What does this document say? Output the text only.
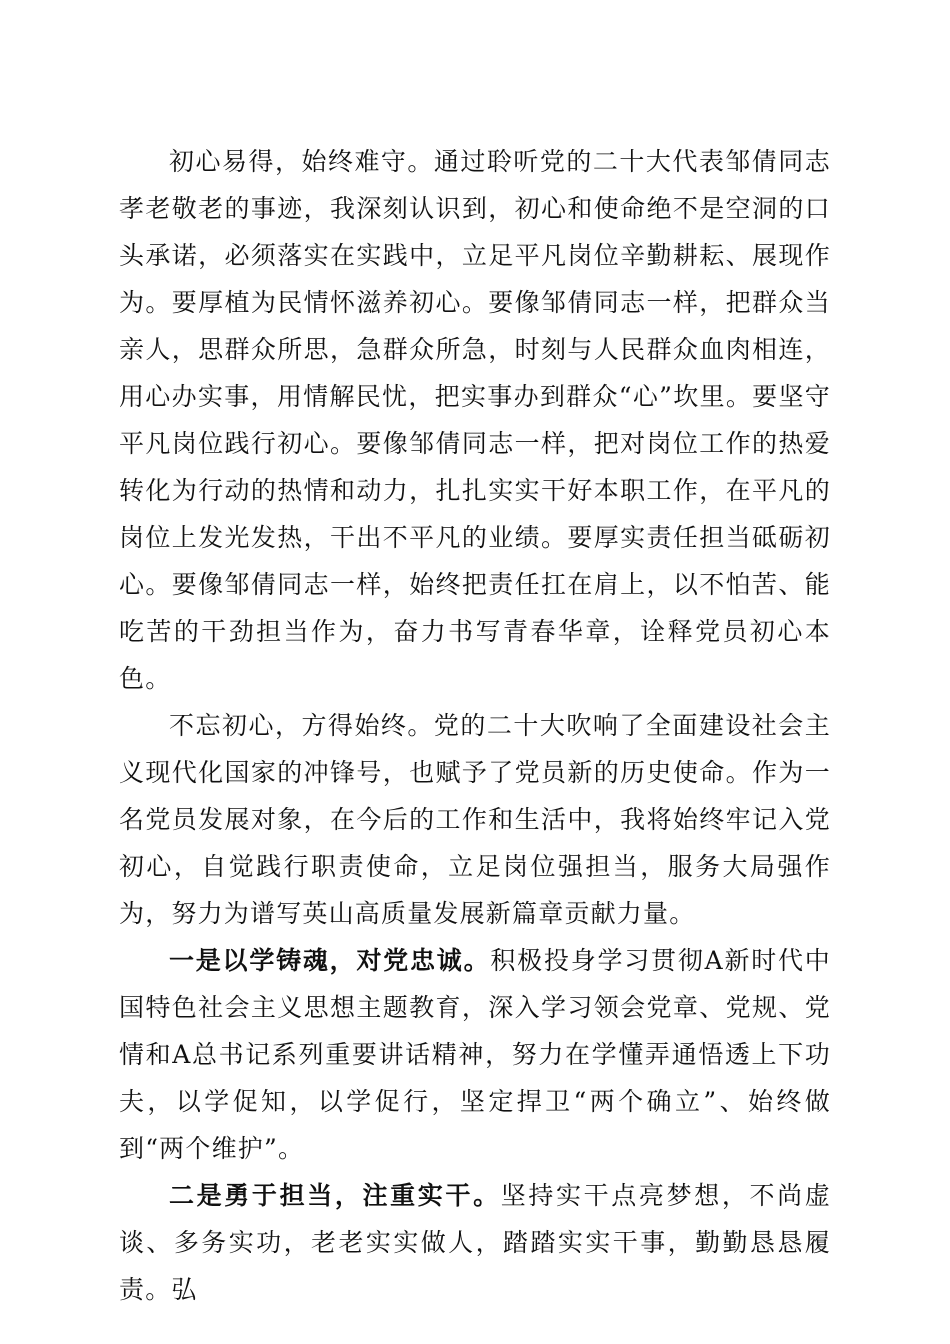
初心易得，始终难守。通过聆听党的二十大代表邹倩同志孝老敬老的事迹，我深刻认识到，初心和使命绝不是空洞的口头承诺，必须落实在实践中，立足平凡岗位辛勤耕耘、展现作为。要厚植为民情怀滋养初心。要像邹倩同志一样，把群众当亲人，思群众所思，急群众所急，时刻与人民群众血肉相连，用心办实事，用情解民忧，把实事办到群众“心”坎里。要坚守平凡岗位践行初心。要像邹倩同志一样，把对岗位工作的热爱转化为行动的热情和动力，扎扎实实干好本职工作，在平凡的岗位上发光发热，干出不平凡的业绩。要厚实责任担当砥砺初心。要像邹倩同志一样，始终把责任扛在肩上，以不怕苦、能吃苦的干劲担当作为，奋力书写青春华章，诠释党员初心本色。

不忘初心，方得始终。党的二十大吹响了全面建设社会主义现代化国家的冲锋号，也赋予了党员新的历史使命。作为一名党员发展对象，在今后的工作和生活中，我将始终牢记入党初心，自觉践行职责使命，立足岗位强担当，服务大局强作为，努力为谱写英山高质量发展新篇章贡献力量。

一是以学铸魂，对党忠诚。积极投身学习贯彻A新时代中国特色社会主义思想主题教育，深入学习领会党章、党规、党情和A总书记系列重要讲话精神，努力在学懂弄通悟透上下功夫，以学促知，以学促行，坚定捍卫“两个确立”、始终做到“两个维护”。

二是勇于担当，注重实干。坚持实干点亮梦想，不尚虚谈、多务实功，老老实实做人，踏踏实实干事，勤勤恳恳履责。弘
